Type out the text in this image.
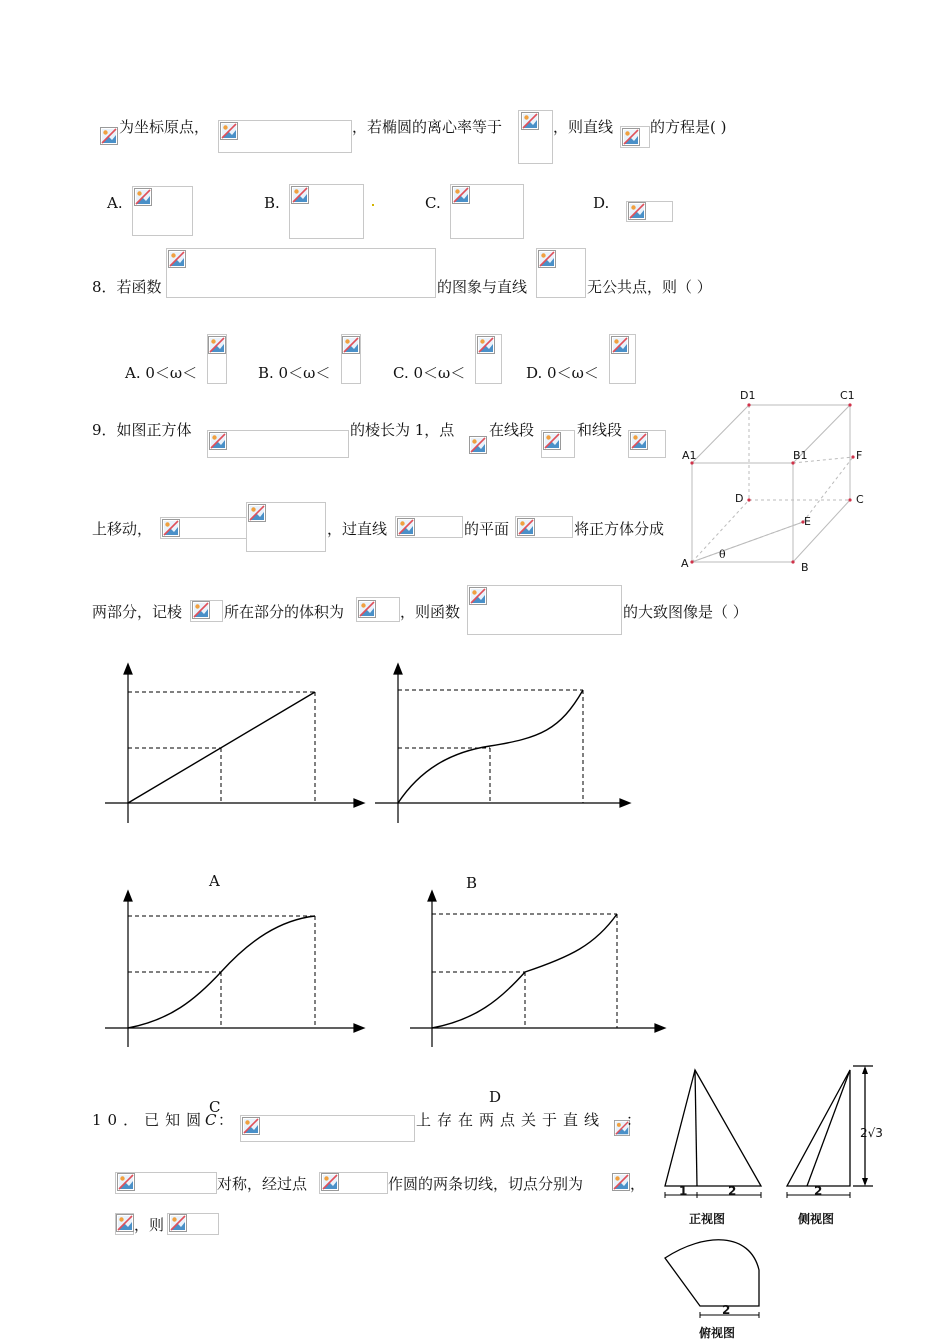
为坐标原点，	，若椭圆的离心率等于	，则直线 的方程是( )
A.	B.	C.	D.
8．若函数	的图象与直线	无公共点，则（ ）
A. 0＜ω＜	B. 0＜ω＜	C. 0＜ω＜	D. 0＜ω＜
9．如图正方体	的棱长为 1，点 在线段	和线段
上移动，	，过直线	的平面	将正方体分成
两部分，记棱	所在部分的体积为	，则函数	的大致图像是（ ）
D1	C1
A1	B1	F
D	C
E
A	B
θ
A	B
C
D
10．已知圆
C ：	上存在两点关于直线 ：
对称，经过点	作圆的两条切线，切点分别为	，
，则
1	2	2
2√3
正视图	侧视图
2
俯视图
